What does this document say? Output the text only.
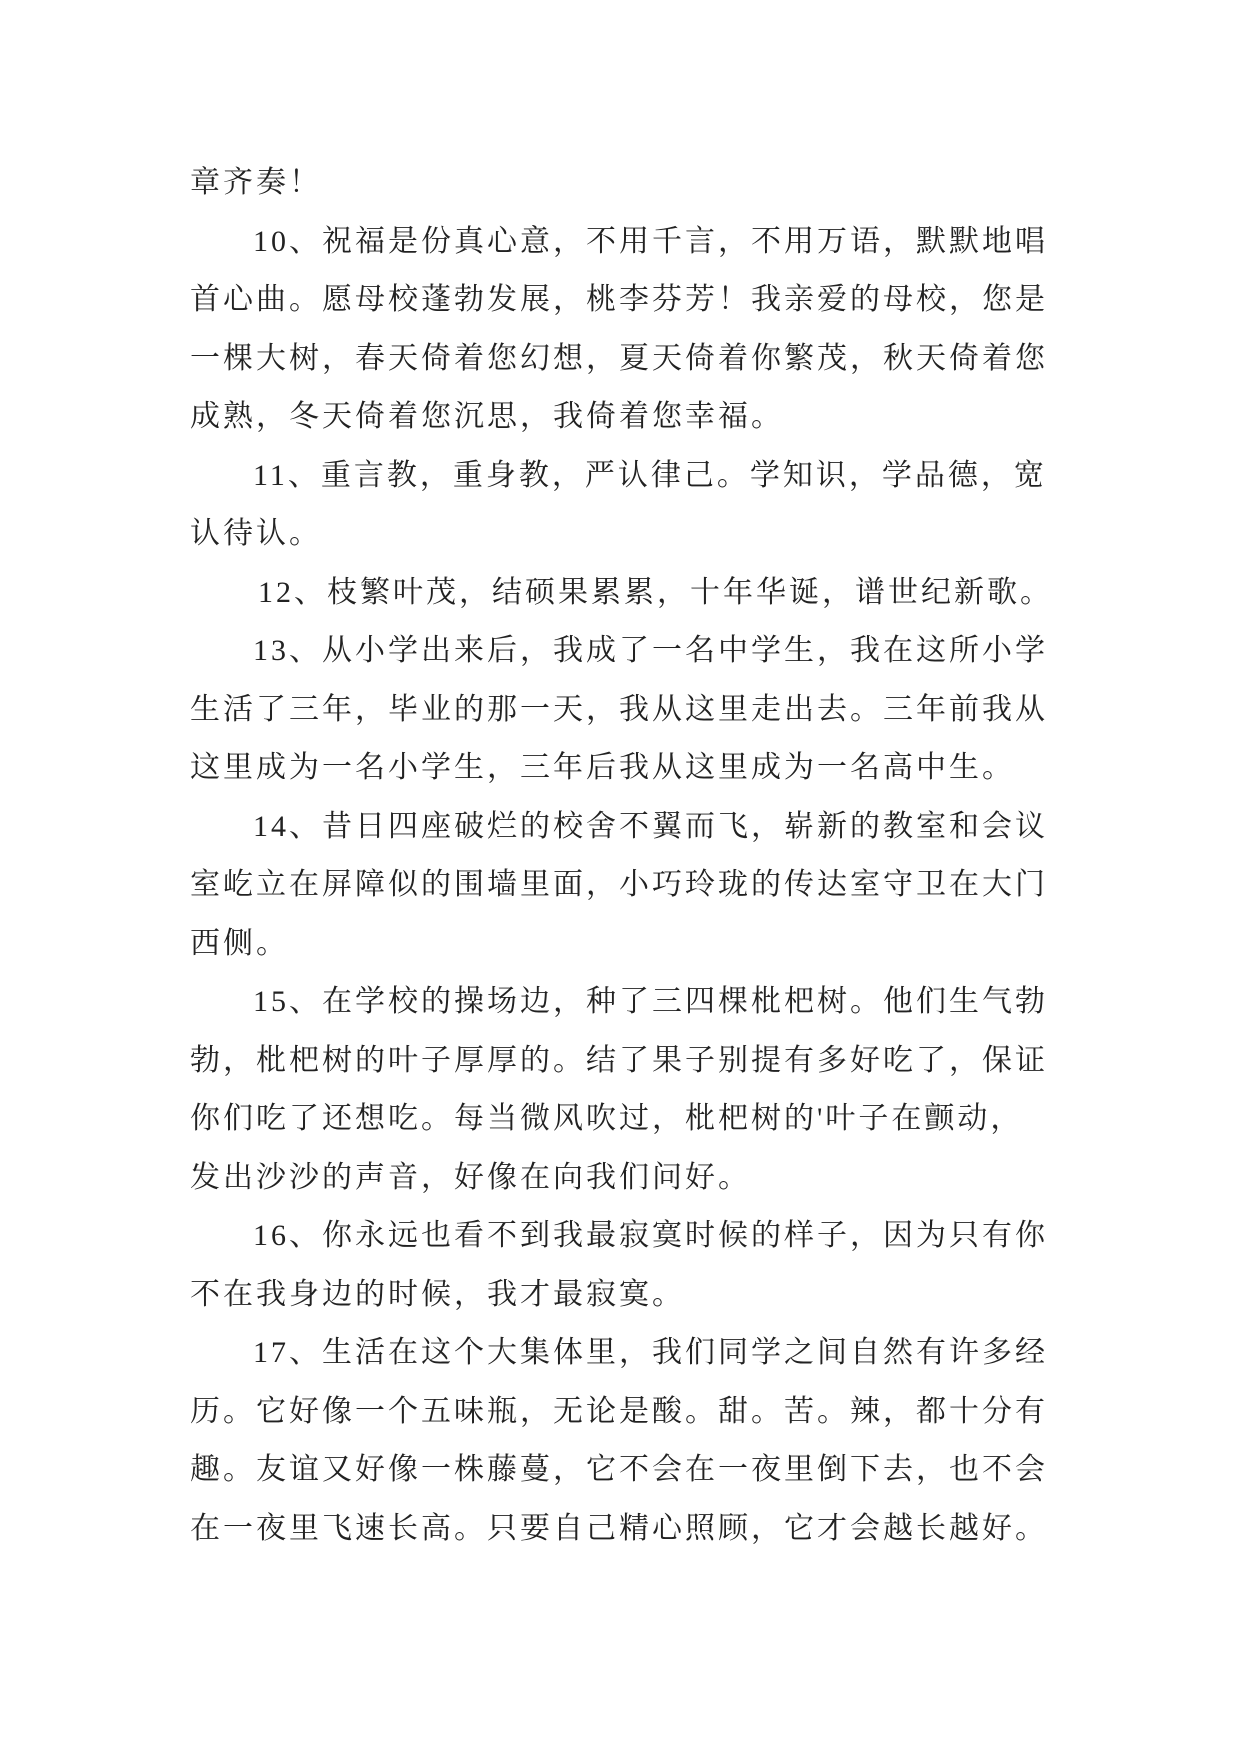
章齐奏！
10、祝福是份真心意，不用千言，不用万语，默默地唱
首心曲。愿母校蓬勃发展，桃李芬芳！我亲爱的母校，您是
一棵大树，春天倚着您幻想，夏天倚着你繁茂，秋天倚着您
成熟，冬天倚着您沉思，我倚着您幸福。
11、重言教，重身教，严认律己。学知识，学品德，宽
认待认。
12、枝繁叶茂，结硕果累累，十年华诞，谱世纪新歌。
13、从小学出来后，我成了一名中学生，我在这所小学
生活了三年，毕业的那一天，我从这里走出去。三年前我从
这里成为一名小学生，三年后我从这里成为一名高中生。
14、昔日四座破烂的校舍不翼而飞，崭新的教室和会议
室屹立在屏障似的围墙里面，小巧玲珑的传达室守卫在大门
西侧。
15、在学校的操场边，种了三四棵枇杷树。他们生气勃
勃，枇杷树的叶子厚厚的。结了果子别提有多好吃了，保证
你们吃了还想吃。每当微风吹过，枇杷树的'叶子在颤动，
发出沙沙的声音，好像在向我们问好。
16、你永远也看不到我最寂寞时候的样子，因为只有你
不在我身边的时候，我才最寂寞。
17、生活在这个大集体里，我们同学之间自然有许多经
历。它好像一个五味瓶，无论是酸。甜。苦。辣，都十分有
趣。友谊又好像一株藤蔓，它不会在一夜里倒下去，也不会
在一夜里飞速长高。只要自己精心照顾，它才会越长越好。
